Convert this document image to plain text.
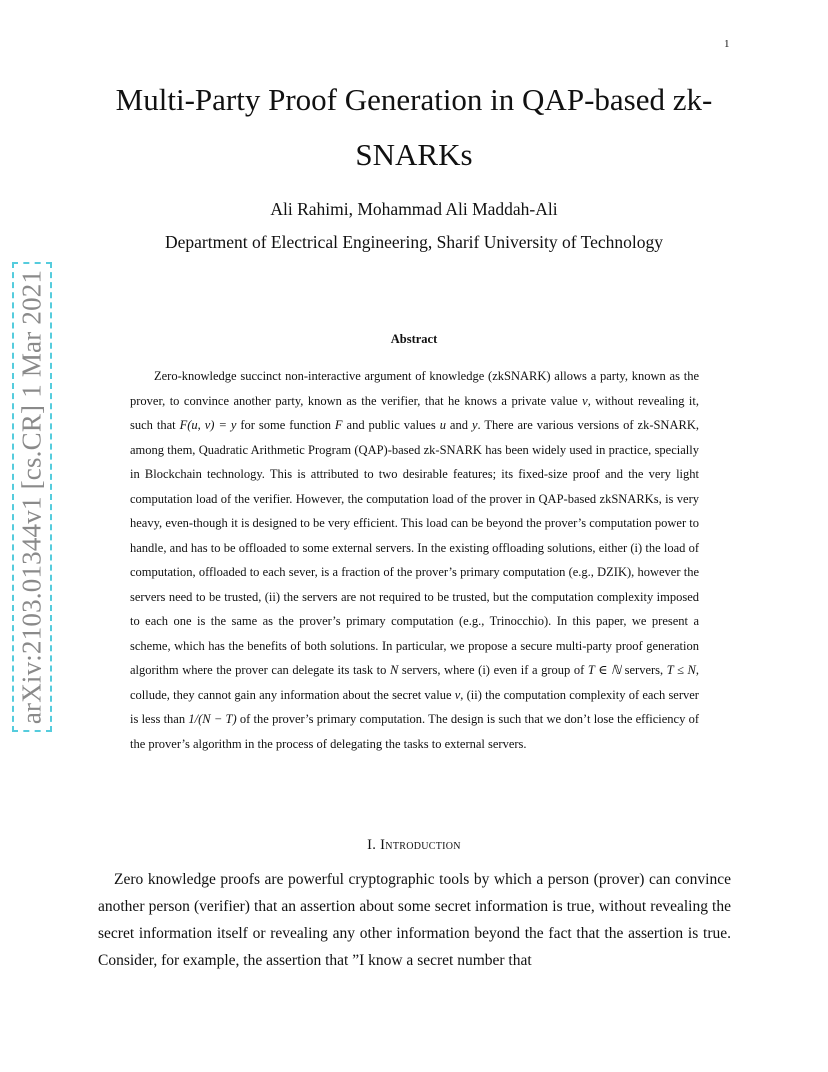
1
arXiv:2103.01344v1 [cs.CR] 1 Mar 2021
Multi-Party Proof Generation in QAP-based zk-SNARKs
Ali Rahimi, Mohammad Ali Maddah-Ali
Department of Electrical Engineering, Sharif University of Technology
Abstract

Zero-knowledge succinct non-interactive argument of knowledge (zkSNARK) allows a party, known as the prover, to convince another party, known as the verifier, that he knows a private value v, without revealing it, such that F(u, v) = y for some function F and public values u and y. There are various versions of zk-SNARK, among them, Quadratic Arithmetic Program (QAP)-based zk-SNARK has been widely used in practice, specially in Blockchain technology. This is attributed to two desirable features; its fixed-size proof and the very light computation load of the verifier. However, the computation load of the prover in QAP-based zkSNARKs, is very heavy, even-though it is designed to be very efficient. This load can be beyond the prover’s computation power to handle, and has to be offloaded to some external servers. In the existing offloading solutions, either (i) the load of computation, offloaded to each sever, is a fraction of the prover’s primary computation (e.g., DZIK), however the servers need to be trusted, (ii) the servers are not required to be trusted, but the computation complexity imposed to each one is the same as the prover’s primary computation (e.g., Trinocchio). In this paper, we present a scheme, which has the benefits of both solutions. In particular, we propose a secure multi-party proof generation algorithm where the prover can delegate its task to N servers, where (i) even if a group of T ∈ ℕ servers, T ≤ N, collude, they cannot gain any information about the secret value v, (ii) the computation complexity of each server is less than 1/(N − T) of the prover’s primary computation. The design is such that we don’t lose the efficiency of the prover’s algorithm in the process of delegating the tasks to external servers.

I. Introduction

Zero knowledge proofs are powerful cryptographic tools by which a person (prover) can convince another person (verifier) that an assertion about some secret information is true, without revealing the secret information itself or revealing any other information beyond the fact that the assertion is true. Consider, for example, the assertion that ”I know a secret number that
